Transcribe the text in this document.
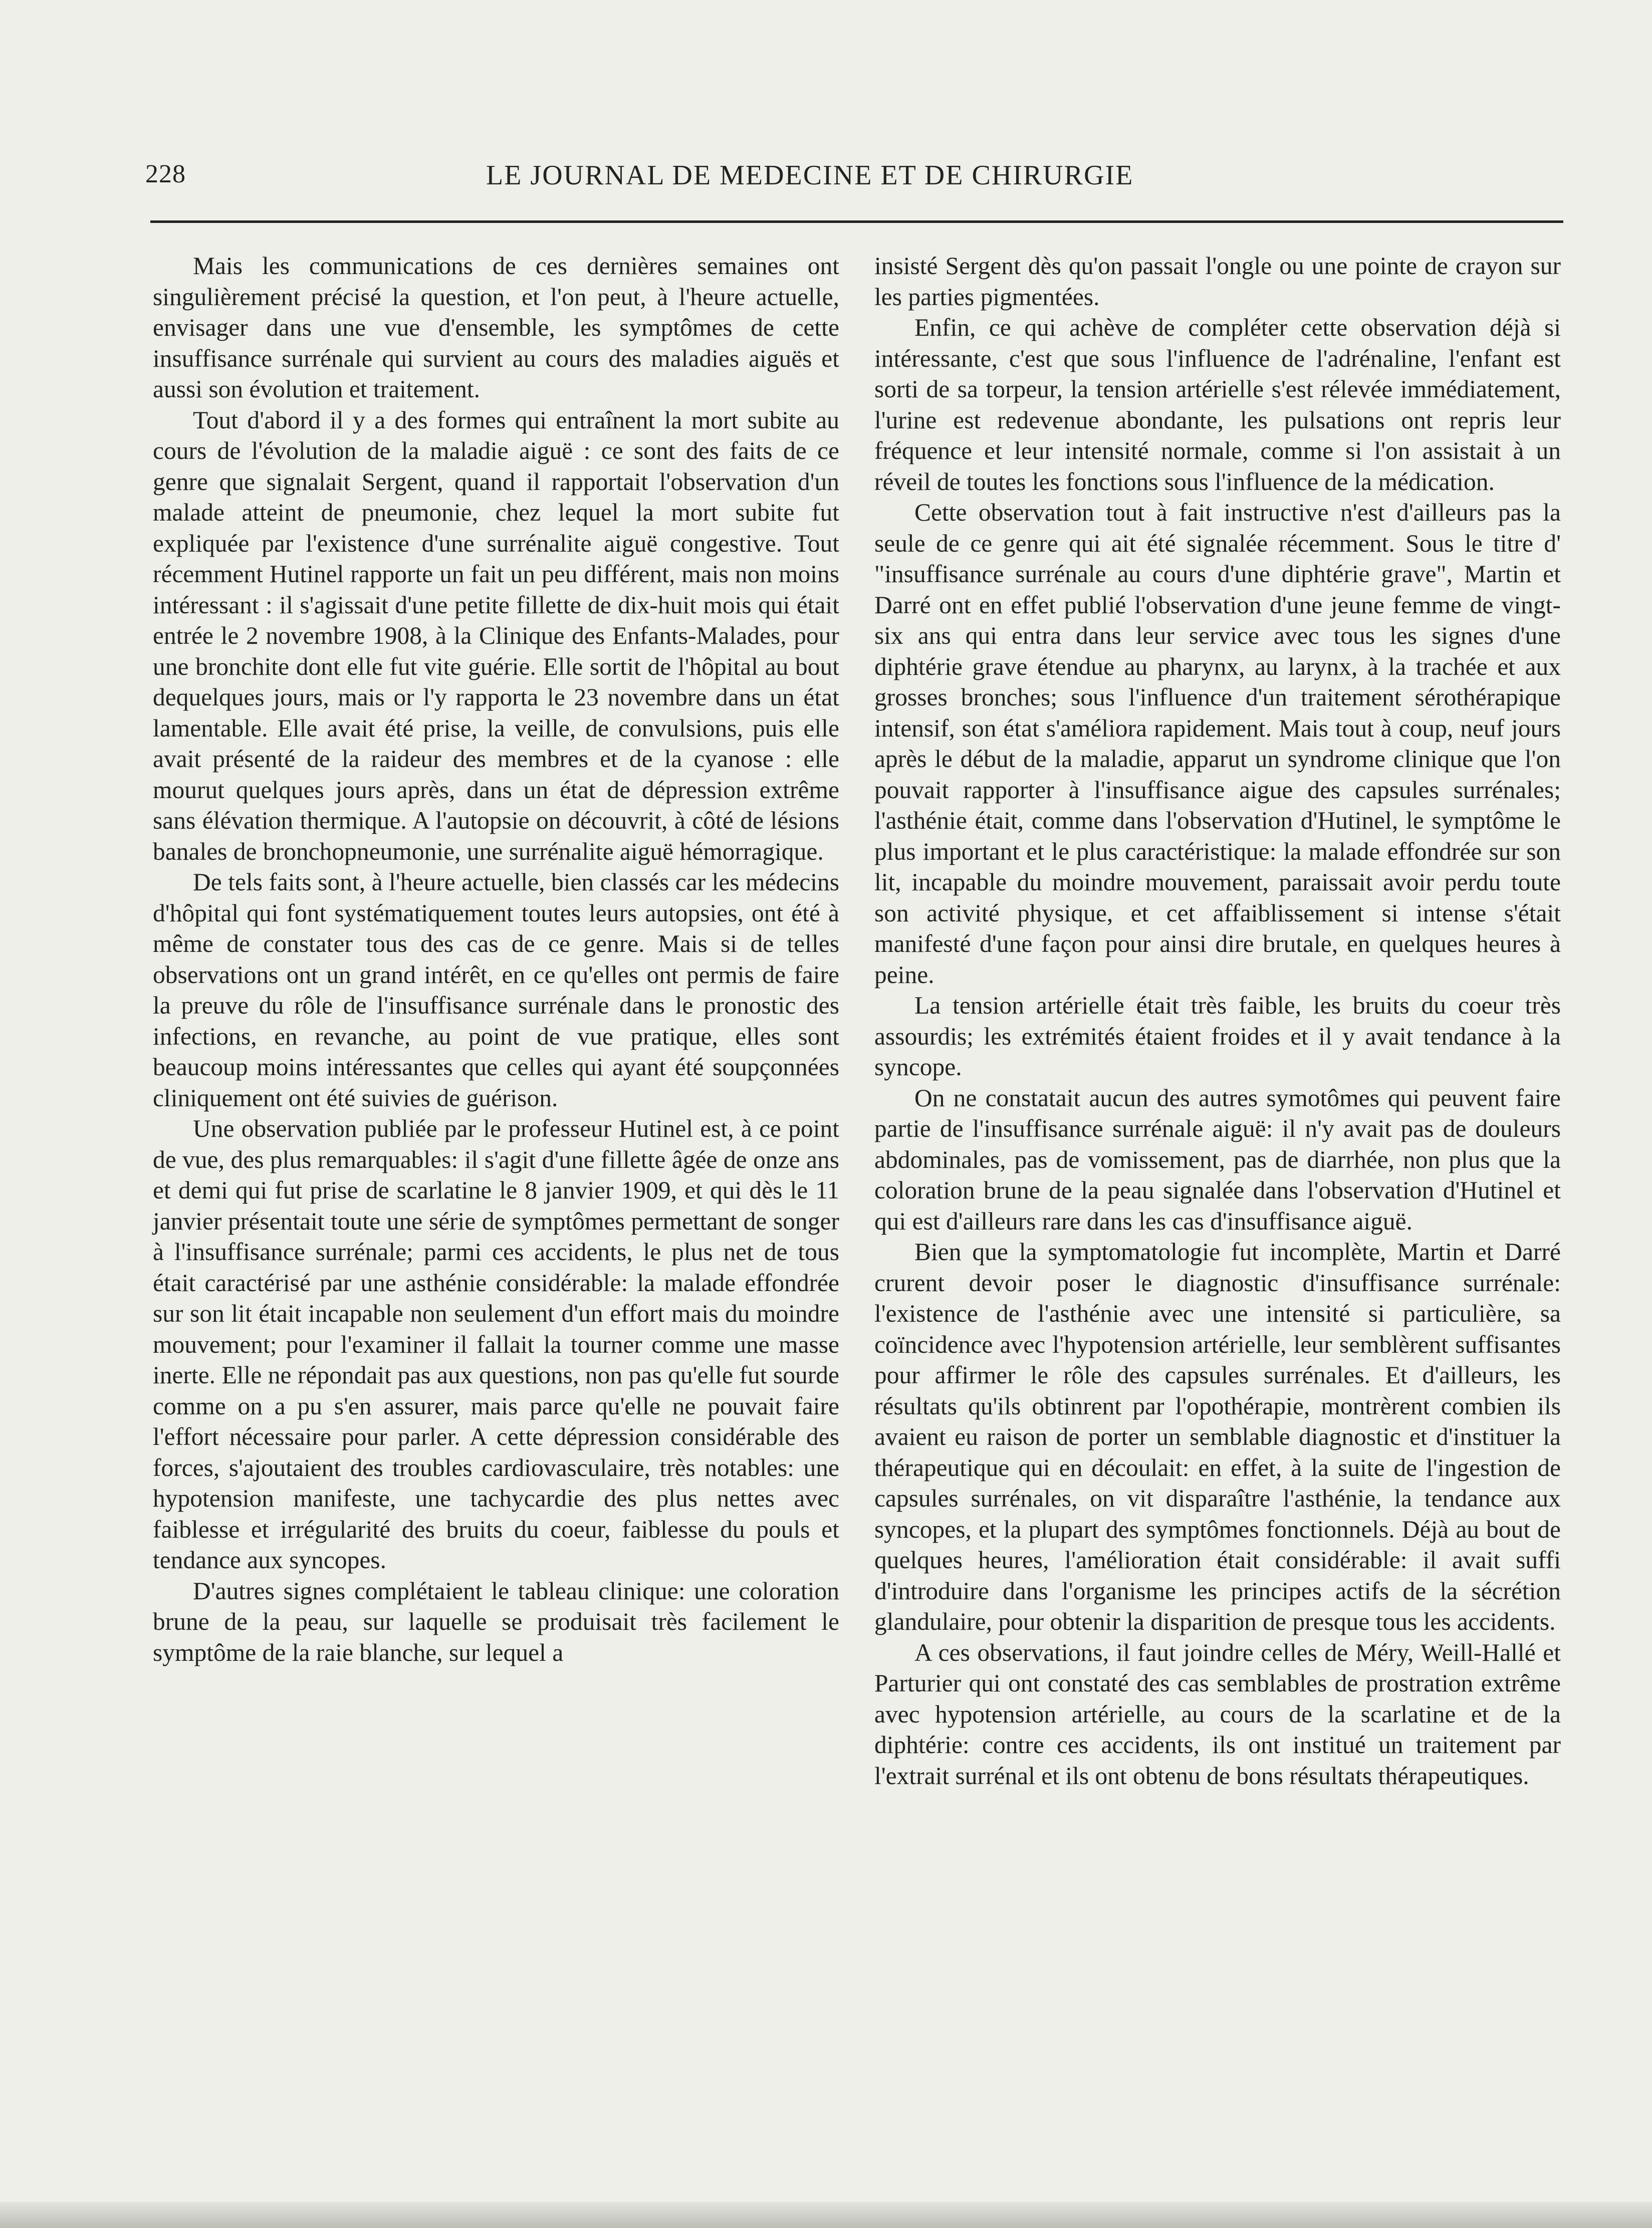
228	LE JOURNAL DE MEDECINE ET DE CHIRURGIE

Mais les communications de ces dernières semaines ont singulièrement précisé la question, et l'on peut, à l'heure actuelle, envisager dans une vue d'ensemble, les symptômes de cette insuffisance surrénale qui survient au cours des maladies aiguës et aussi son évolution et traitement.

Tout d'abord il y a des formes qui entraînent la mort subite au cours de l'évolution de la maladie aiguë : ce sont des faits de ce genre que signalait Sergent, quand il rapportait l'observation d'un malade atteint de pneumonie, chez lequel la mort subite fut expliquée par l'existence d'une surrénalite aiguë congestive. Tout récemment Hutinel rapporte un fait un peu différent, mais non moins intéressant : il s'agissait d'une petite fillette de dix-huit mois qui était entrée le 2 novembre 1908, à la Clinique des Enfants-Malades, pour une bronchite dont elle fut vite guérie. Elle sortit de l'hôpital au bout dequelques jours, mais or l'y rapporta le 23 novembre dans un état lamentable. Elle avait été prise, la veille, de convulsions, puis elle avait présenté de la raideur des membres et de la cyanose : elle mourut quelques jours après, dans un état de dépression extrême sans élévation thermique. A l'autopsie on découvrit, à côté de lésions banales de bronchopneumonie, une surrénalite aiguë hémorragique.

De tels faits sont, à l'heure actuelle, bien classés car les médecins d'hôpital qui font systématiquement toutes leurs autopsies, ont été à même de constater tous des cas de ce genre. Mais si de telles observations ont un grand intérêt, en ce qu'elles ont permis de faire la preuve du rôle de l'insuffisance surrénale dans le pronostic des infections, en revanche, au point de vue pratique, elles sont beaucoup moins intéressantes que celles qui ayant été soupçonnées cliniquement ont été suivies de guérison.

Une observation publiée par le professeur Hutinel est, à ce point de vue, des plus remarquables: il s'agit d'une fillette âgée de onze ans et demi qui fut prise de scarlatine le 8 janvier 1909, et qui dès le 11 janvier présentait toute une série de symptômes permettant de songer à l'insuffisance surrénale; parmi ces accidents, le plus net de tous était caractérisé par une asthénie considérable: la malade effondrée sur son lit était incapable non seulement d'un effort mais du moindre mouvement; pour l'examiner il fallait la tourner comme une masse inerte. Elle ne répondait pas aux questions, non pas qu'elle fut sourde comme on a pu s'en assurer, mais parce qu'elle ne pouvait faire l'effort nécessaire pour parler. A cette dépression considérable des forces, s'ajoutaient des troubles cardiovasculaire, très notables: une hypotension manifeste, une tachycardie des plus nettes avec faiblesse et irrégularité des bruits du coeur, faiblesse du pouls et tendance aux syncopes.

D'autres signes complétaient le tableau clinique: une coloration brune de la peau, sur laquelle se produisait très facilement le symptôme de la raie blanche, sur lequel a

insisté Sergent dès qu'on passait l'ongle ou une pointe de crayon sur les parties pigmentées.

Enfin, ce qui achève de compléter cette observation déjà si intéressante, c'est que sous l'influence de l'adrénaline, l'enfant est sorti de sa torpeur, la tension artérielle s'est rélevée immédiatement, l'urine est redevenue abondante, les pulsations ont repris leur fréquence et leur intensité normale, comme si l'on assistait à un réveil de toutes les fonctions sous l'influence de la médication.

Cette observation tout à fait instructive n'est d'ailleurs pas la seule de ce genre qui ait été signalée récemment. Sous le titre d' "insuffisance surrénale au cours d'une diphtérie grave", Martin et Darré ont en effet publié l'observation d'une jeune femme de vingt-six ans qui entra dans leur service avec tous les signes d'une diphtérie grave étendue au pharynx, au larynx, à la trachée et aux grosses bronches; sous l'influence d'un traitement sérothérapique intensif, son état s'améliora rapidement. Mais tout à coup, neuf jours après le début de la maladie, apparut un syndrome clinique que l'on pouvait rapporter à l'insuffisance aigue des capsules surrénales; l'asthénie était, comme dans l'observation d'Hutinel, le symptôme le plus important et le plus caractéristique: la malade effondrée sur son lit, incapable du moindre mouvement, paraissait avoir perdu toute son activité physique, et cet affaiblissement si intense s'était manifesté d'une façon pour ainsi dire brutale, en quelques heures à peine.

La tension artérielle était très faible, les bruits du coeur très assourdis; les extrémités étaient froides et il y avait tendance à la syncope.

On ne constatait aucun des autres symotômes qui peuvent faire partie de l'insuffisance surrénale aiguë: il n'y avait pas de douleurs abdominales, pas de vomissement, pas de diarrhée, non plus que la coloration brune de la peau signalée dans l'observation d'Hutinel et qui est d'ailleurs rare dans les cas d'insuffisance aiguë.

Bien que la symptomatologie fut incomplète, Martin et Darré crurent devoir poser le diagnostic d'insuffisance surrénale: l'existence de l'asthénie avec une intensité si particulière, sa coïncidence avec l'hypotension artérielle, leur semblèrent suffisantes pour affirmer le rôle des capsules surrénales. Et d'ailleurs, les résultats qu'ils obtinrent par l'opothérapie, montrèrent combien ils avaient eu raison de porter un semblable diagnostic et d'instituer la thérapeutique qui en découlait: en effet, à la suite de l'ingestion de capsules surrénales, on vit disparaître l'asthénie, la tendance aux syncopes, et la plupart des symptômes fonctionnels. Déjà au bout de quelques heures, l'amélioration était considérable: il avait suffi d'introduire dans l'organisme les principes actifs de la sécrétion glandulaire, pour obtenir la disparition de presque tous les accidents.

A ces observations, il faut joindre celles de Méry, Weill-Hallé et Parturier qui ont constaté des cas semblables de prostration extrême avec hypotension artérielle, au cours de la scarlatine et de la diphtérie: contre ces accidents, ils ont institué un traitement par l'extrait surrénal et ils ont obtenu de bons résultats thérapeutiques.
